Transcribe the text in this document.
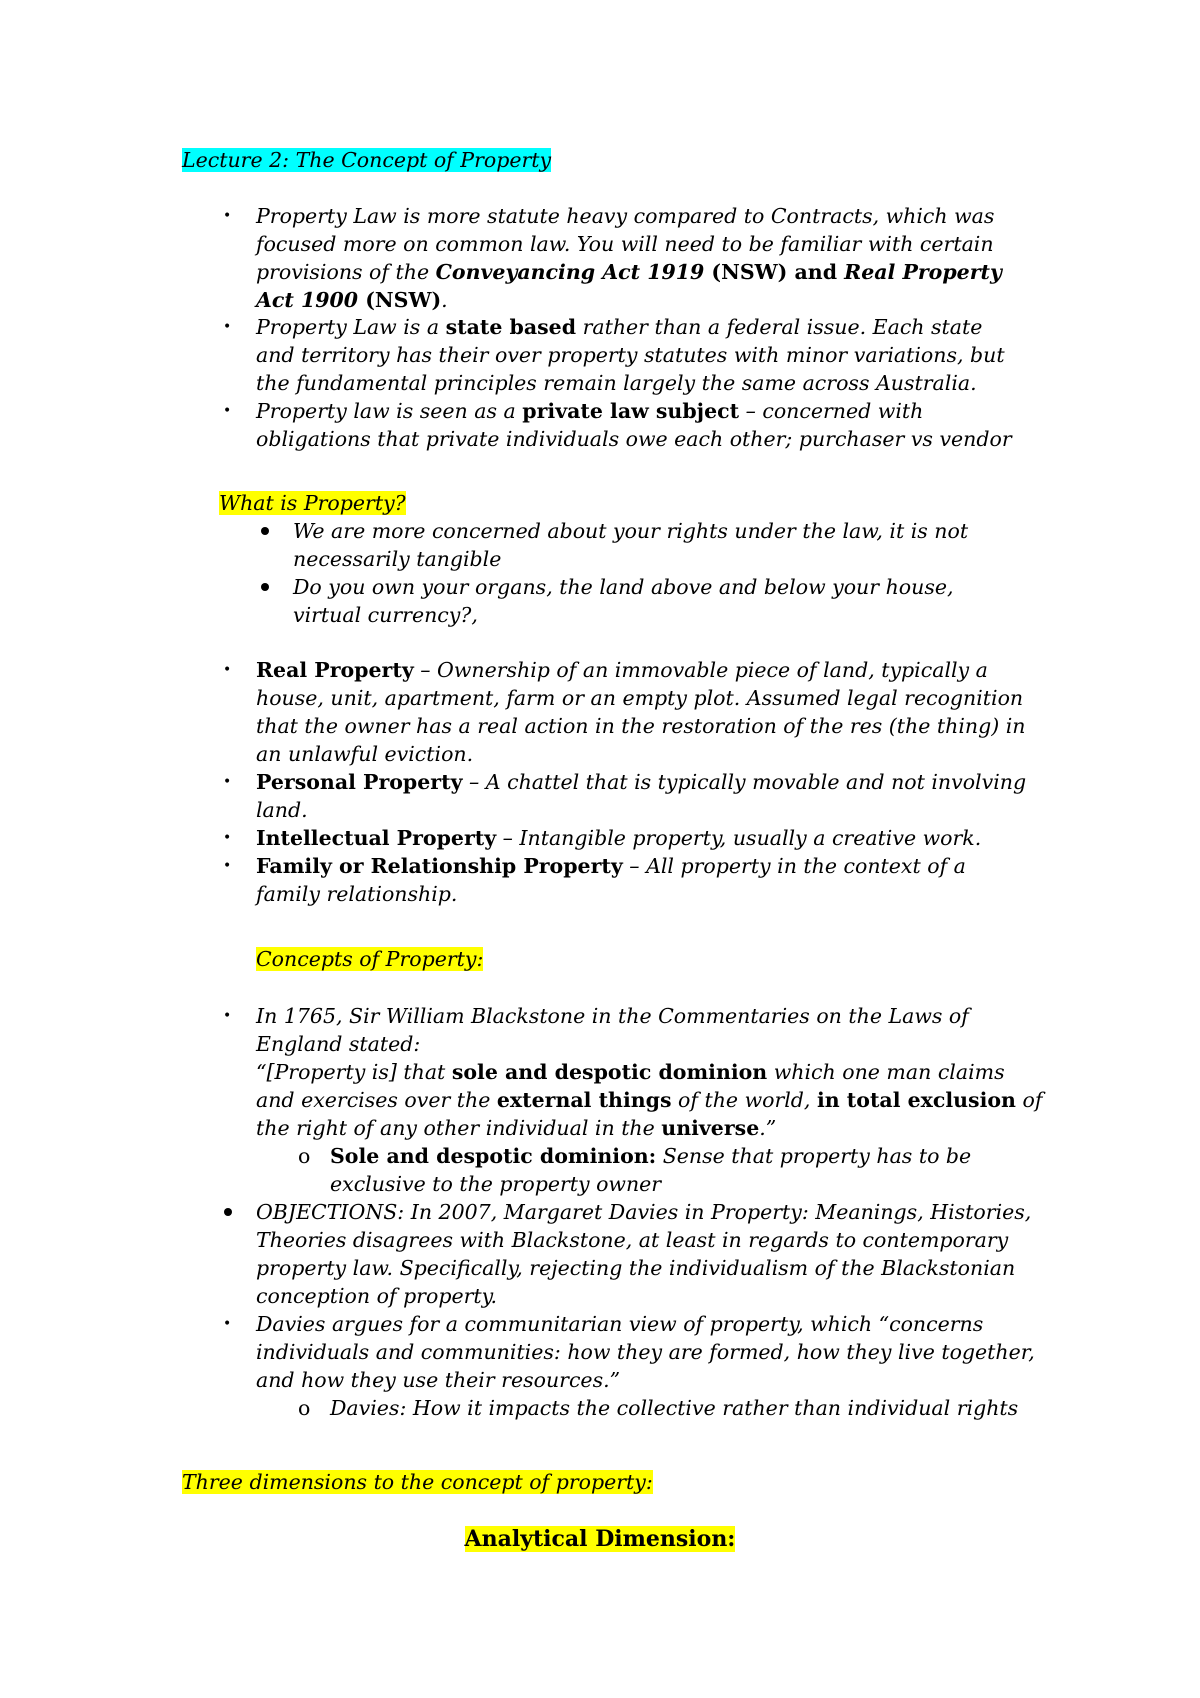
Lecture 2: The Concept of Property
• Property Law is more statute heavy compared to Contracts, which was focused more on common law. You will need to be familiar with certain provisions of the Conveyancing Act 1919 (NSW) and Real Property Act 1900 (NSW).
• Property Law is a state based rather than a federal issue. Each state and territory has their over property statutes with minor variations, but the fundamental principles remain largely the same across Australia.
• Property law is seen as a private law subject – concerned with obligations that private individuals owe each other; purchaser vs vendor
What is Property?
We are more concerned about your rights under the law, it is not necessarily tangible
Do you own your organs, the land above and below your house, virtual currency?,
• Real Property – Ownership of an immovable piece of land, typically a house, unit, apartment, farm or an empty plot. Assumed legal recognition that the owner has a real action in the restoration of the res (the thing) in an unlawful eviction.
• Personal Property – A chattel that is typically movable and not involving land.
• Intellectual Property – Intangible property, usually a creative work.
• Family or Relationship Property – All property in the context of a family relationship.
Concepts of Property:
• In 1765, Sir William Blackstone in the Commentaries on the Laws of England stated:
“[Property is] that sole and despotic dominion which one man claims and exercises over the external things of the world, in total exclusion of the right of any other individual in the universe.”
o Sole and despotic dominion: Sense that property has to be exclusive to the property owner
OBJECTIONS: In 2007, Margaret Davies in Property: Meanings, Histories, Theories disagrees with Blackstone, at least in regards to contemporary property law. Specifically, rejecting the individualism of the Blackstonian conception of property.
• Davies argues for a communitarian view of property, which “concerns individuals and communities: how they are formed, how they live together, and how they use their resources.”
o Davies: How it impacts the collective rather than individual rights
Three dimensions to the concept of property:
Analytical Dimension:
